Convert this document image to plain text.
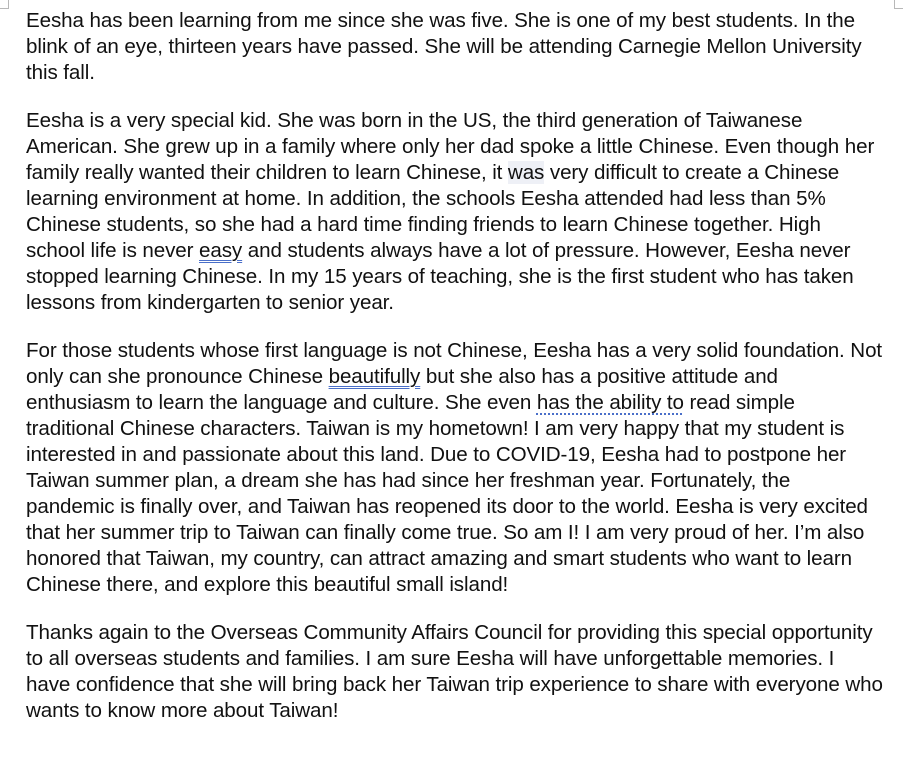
Eesha has been learning from me since she was five. She is one of my best students. In the blink of an eye, thirteen years have passed. She will be attending Carnegie Mellon University this fall.

Eesha is a very special kid. She was born in the US, the third generation of Taiwanese American. She grew up in a family where only her dad spoke a little Chinese. Even though her family really wanted their children to learn Chinese, it was very difficult to create a Chinese learning environment at home. In addition, the schools Eesha attended had less than 5% Chinese students, so she had a hard time finding friends to learn Chinese together. High school life is never easy and students always have a lot of pressure. However, Eesha never stopped learning Chinese. In my 15 years of teaching, she is the first student who has taken lessons from kindergarten to senior year.

For those students whose first language is not Chinese, Eesha has a very solid foundation. Not only can she pronounce Chinese beautifully but she also has a positive attitude and enthusiasm to learn the language and culture. She even has the ability to read simple traditional Chinese characters. Taiwan is my hometown! I am very happy that my student is interested in and passionate about this land. Due to COVID-19, Eesha had to postpone her Taiwan summer plan, a dream she has had since her freshman year. Fortunately, the pandemic is finally over, and Taiwan has reopened its door to the world. Eesha is very excited that her summer trip to Taiwan can finally come true. So am I! I am very proud of her. I’m also honored that Taiwan, my country, can attract amazing and smart students who want to learn Chinese there, and explore this beautiful small island!

Thanks again to the Overseas Community Affairs Council for providing this special opportunity to all overseas students and families. I am sure Eesha will have unforgettable memories. I have confidence that she will bring back her Taiwan trip experience to share with everyone who wants to know more about Taiwan!
